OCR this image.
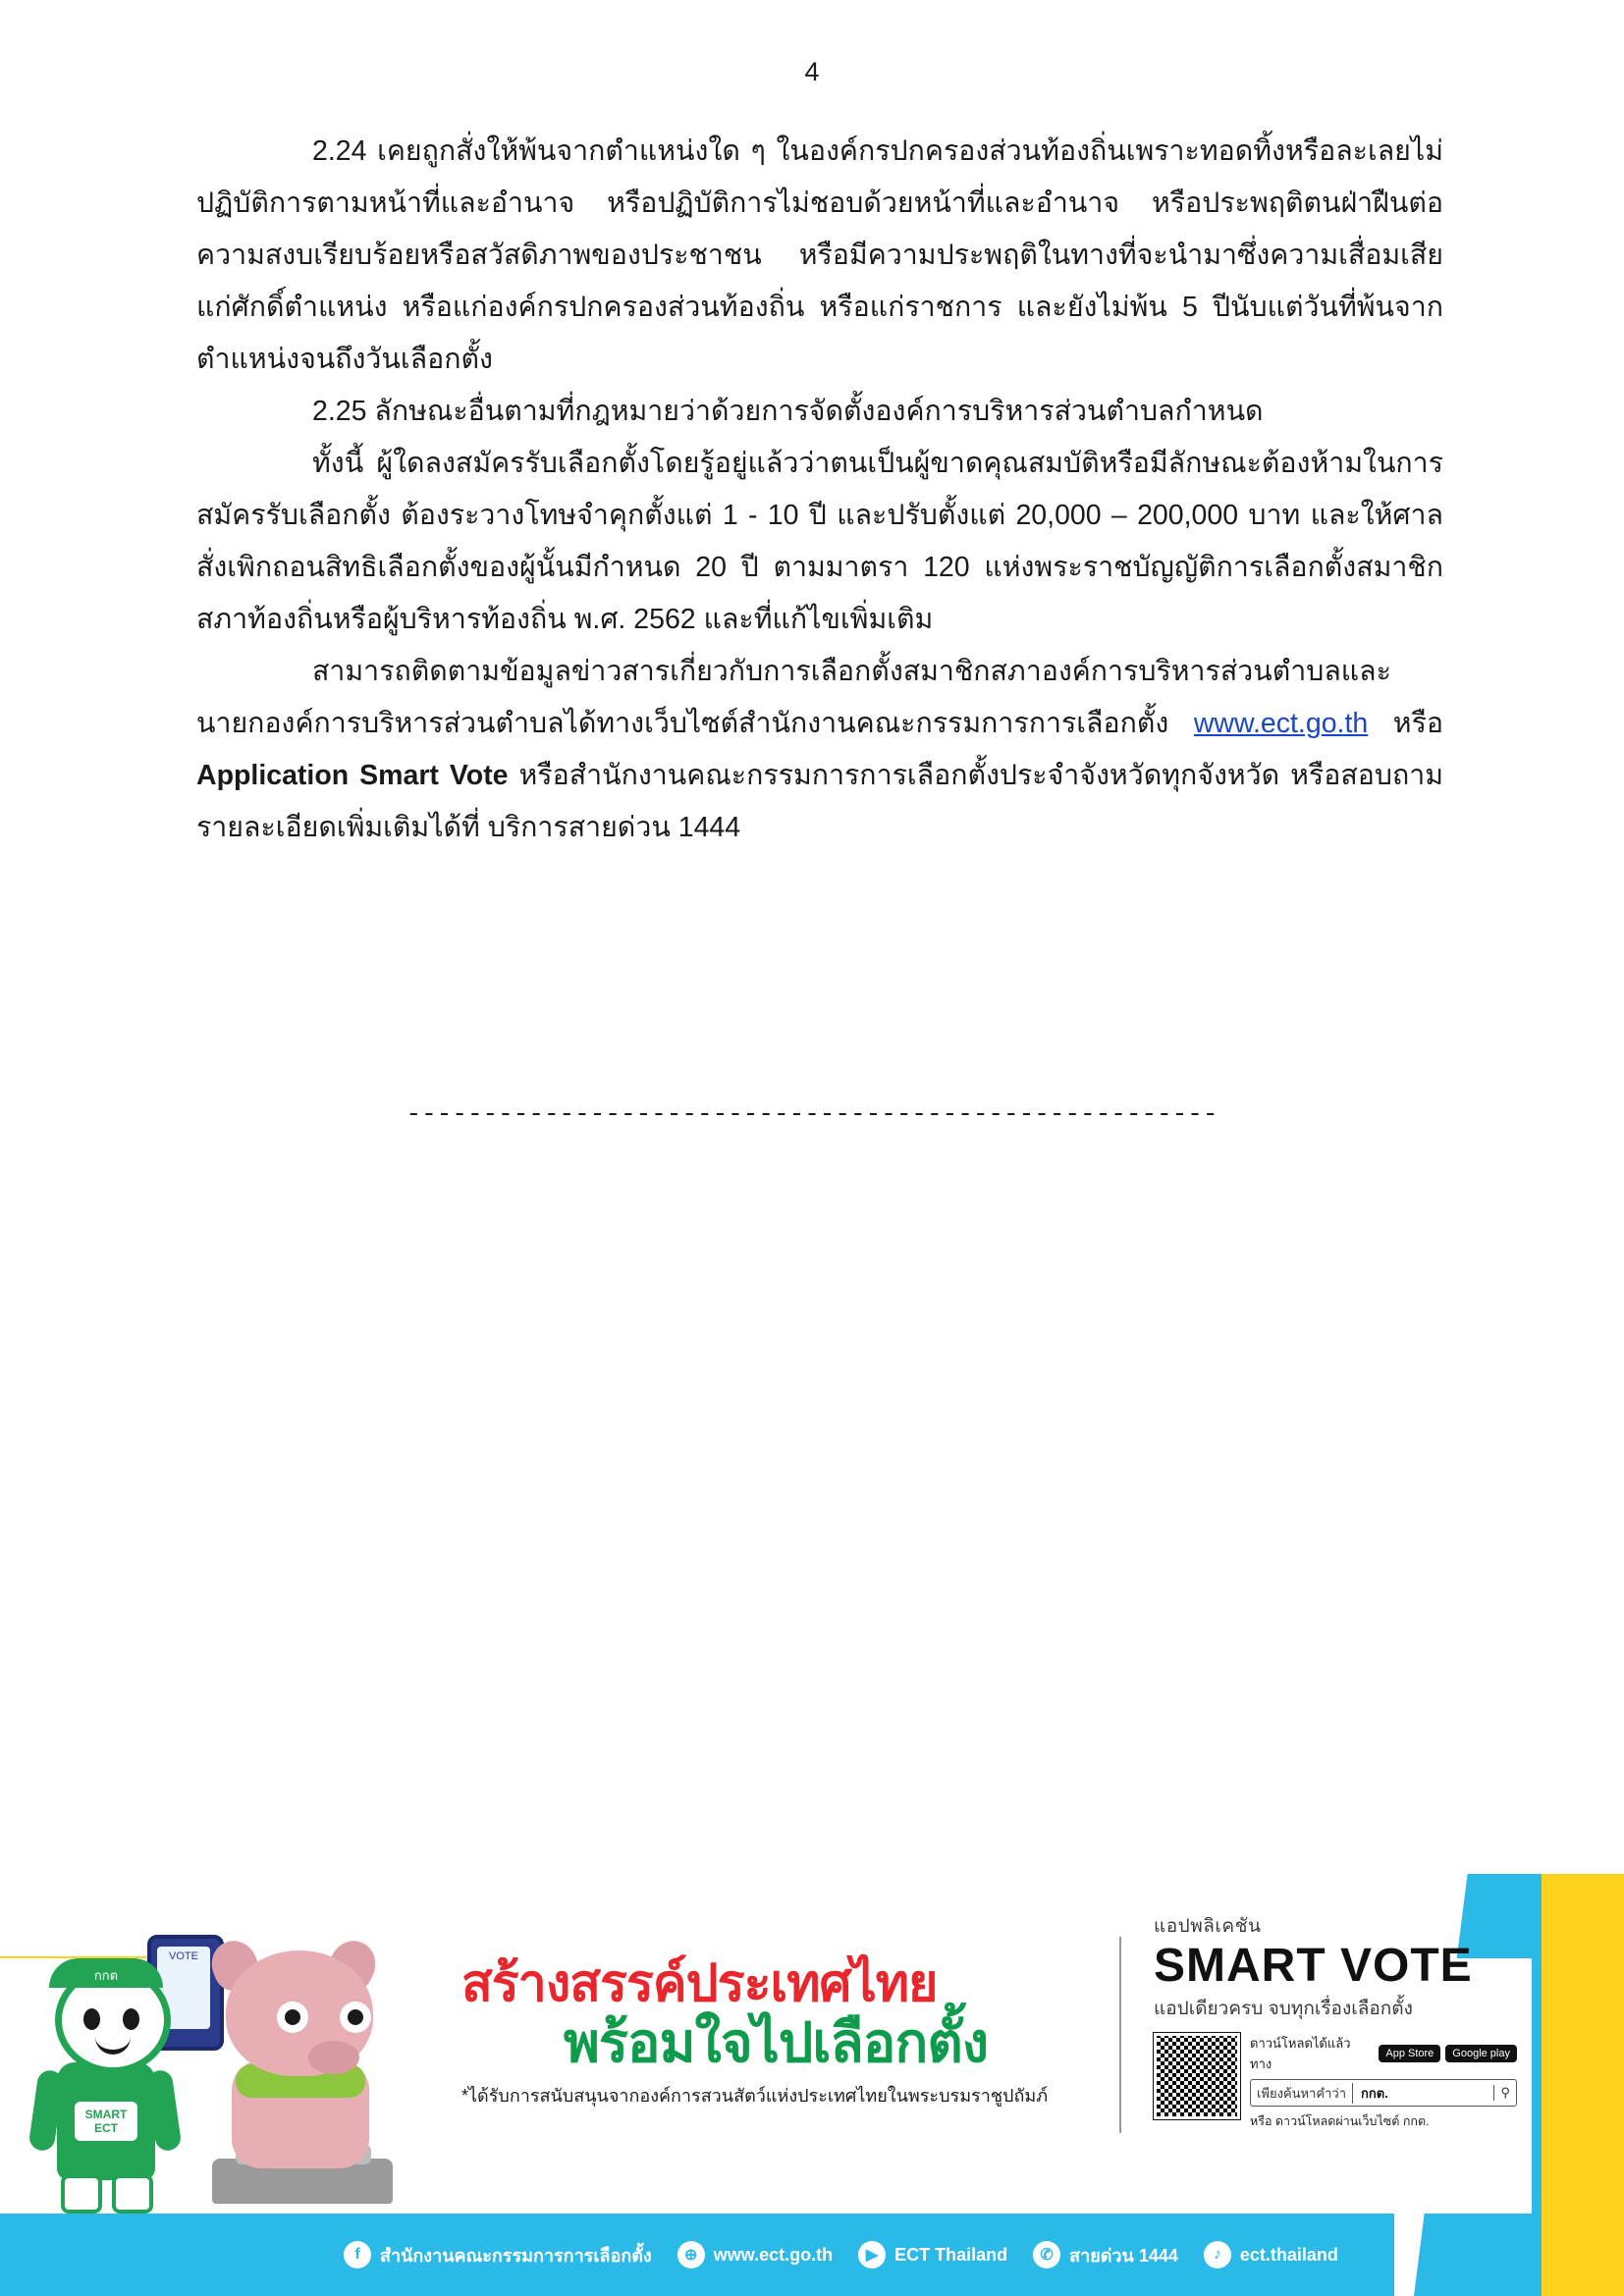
4

2.24 เคยถูกสั่งให้พ้นจากตำแหน่งใด ๆ ในองค์กรปกครองส่วนท้องถิ่นเพราะทอดทิ้งหรือละเลยไม่ปฏิบัติการตามหน้าที่และอำนาจ หรือปฏิบัติการไม่ชอบด้วยหน้าที่และอำนาจ หรือประพฤติตนฝ่าฝืนต่อความสงบเรียบร้อยหรือสวัสดิภาพของประชาชน หรือมีความประพฤติในทางที่จะนำมาซึ่งความเสื่อมเสียแก่ศักดิ์ตำแหน่ง หรือแก่องค์กรปกครองส่วนท้องถิ่น หรือแก่ราชการ และยังไม่พ้น 5 ปีนับแต่วันที่พ้นจากตำแหน่งจนถึงวันเลือกตั้ง

2.25 ลักษณะอื่นตามที่กฎหมายว่าด้วยการจัดตั้งองค์การบริหารส่วนตำบลกำหนด

ทั้งนี้ ผู้ใดลงสมัครรับเลือกตั้งโดยรู้อยู่แล้วว่าตนเป็นผู้ขาดคุณสมบัติหรือมีลักษณะต้องห้ามในการสมัครรับเลือกตั้ง ต้องระวางโทษจำคุกตั้งแต่ 1 - 10 ปี และปรับตั้งแต่ 20,000 – 200,000 บาท และให้ศาลสั่งเพิกถอนสิทธิเลือกตั้งของผู้นั้นมีกำหนด 20 ปี ตามมาตรา 120 แห่งพระราชบัญญัติการเลือกตั้งสมาชิกสภาท้องถิ่นหรือผู้บริหารท้องถิ่น พ.ศ. 2562 และที่แก้ไขเพิ่มเติม

สามารถติดตามข้อมูลข่าวสารเกี่ยวกับการเลือกตั้งสมาชิกสภาองค์การบริหารส่วนตำบลและนายกองค์การบริหารส่วนตำบลได้ทางเว็บไซต์สำนักงานคณะกรรมการการเลือกตั้ง www.ect.go.th หรือ Application Smart Vote หรือสำนักงานคณะกรรมการการเลือกตั้งประจำจังหวัดทุกจังหวัด หรือสอบถามรายละเอียดเพิ่มเติมได้ที่ บริการสายด่วน 1444

-----------------------------------------------------
VOTE
SMART
ECT
กกต	สร้างสรรค์ประเทศไทย
พร้อมใจไปเลือกตั้ง
*ได้รับการสนับสนุนจากองค์การสวนสัตว์แห่งประเทศไทยในพระบรมราชูปถัมภ์
แอปพลิเคชัน
SMART VOTE
แอปเดียวครบ จบทุกเรื่องเลือกตั้ง
ดาวน์โหลดได้แล้ว ทาง
App Store	Google play
เพียงค้นหาคำว่า	กกต.	⚲
หรือ ดาวน์โหลดผ่านเว็บไซต์ กกต.
f	สำนักงานคณะกรรมการการเลือกตั้ง	⊕ www.ect.go.th	▶ ECT Thailand	✆ สายด่วน 1444	♪	ect.thailand
